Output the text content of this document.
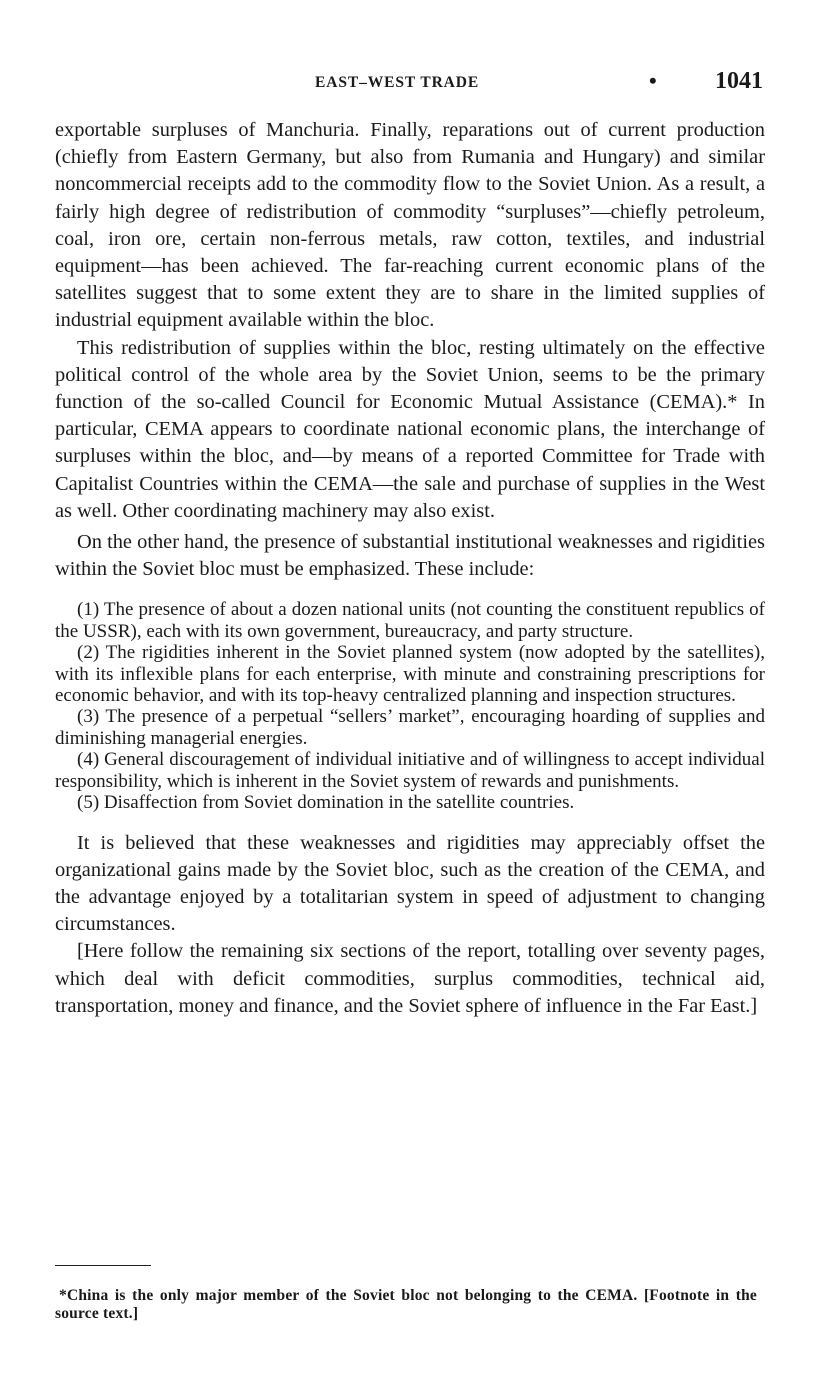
EAST–WEST TRADE	• 1041

exportable surpluses of Manchuria. Finally, reparations out of current production (chiefly from Eastern Germany, but also from Rumania and Hungary) and similar noncommercial receipts add to the commodity flow to the Soviet Union. As a result, a fairly high degree of redistribution of commodity “surpluses”—chiefly petroleum, coal, iron ore, certain non-ferrous metals, raw cotton, textiles, and industrial equipment—has been achieved. The far-reaching current economic plans of the satellites suggest that to some extent they are to share in the limited supplies of industrial equipment available within the bloc.

This redistribution of supplies within the bloc, resting ultimately on the effective political control of the whole area by the Soviet Union, seems to be the primary function of the so-called Council for Economic Mutual Assistance (CEMA).* In particular, CEMA appears to coordinate national economic plans, the interchange of surpluses within the bloc, and—by means of a reported Committee for Trade with Capitalist Countries within the CEMA—the sale and purchase of supplies in the West as well. Other coordinating machinery may also exist.

On the other hand, the presence of substantial institutional weaknesses and rigidities within the Soviet bloc must be emphasized. These include:

(1) The presence of about a dozen national units (not counting the constituent republics of the USSR), each with its own government, bureaucracy, and party structure.

(2) The rigidities inherent in the Soviet planned system (now adopted by the satellites), with its inflexible plans for each enterprise, with minute and constraining prescriptions for economic behavior, and with its top-heavy centralized planning and inspection structures.

(3) The presence of a perpetual “sellers’ market”, encouraging hoarding of supplies and diminishing managerial energies.

(4) General discouragement of individual initiative and of willingness to accept individual responsibility, which is inherent in the Soviet system of rewards and punishments.

(5) Disaffection from Soviet domination in the satellite countries.

It is believed that these weaknesses and rigidities may appreciably offset the organizational gains made by the Soviet bloc, such as the creation of the CEMA, and the advantage enjoyed by a totalitarian system in speed of adjustment to changing circumstances.

[Here follow the remaining six sections of the report, totalling over seventy pages, which deal with deficit commodities, surplus commodities, technical aid, transportation, money and finance, and the Soviet sphere of influence in the Far East.]

*China is the only major member of the Soviet bloc not belonging to the CEMA. [Footnote in the source text.]
